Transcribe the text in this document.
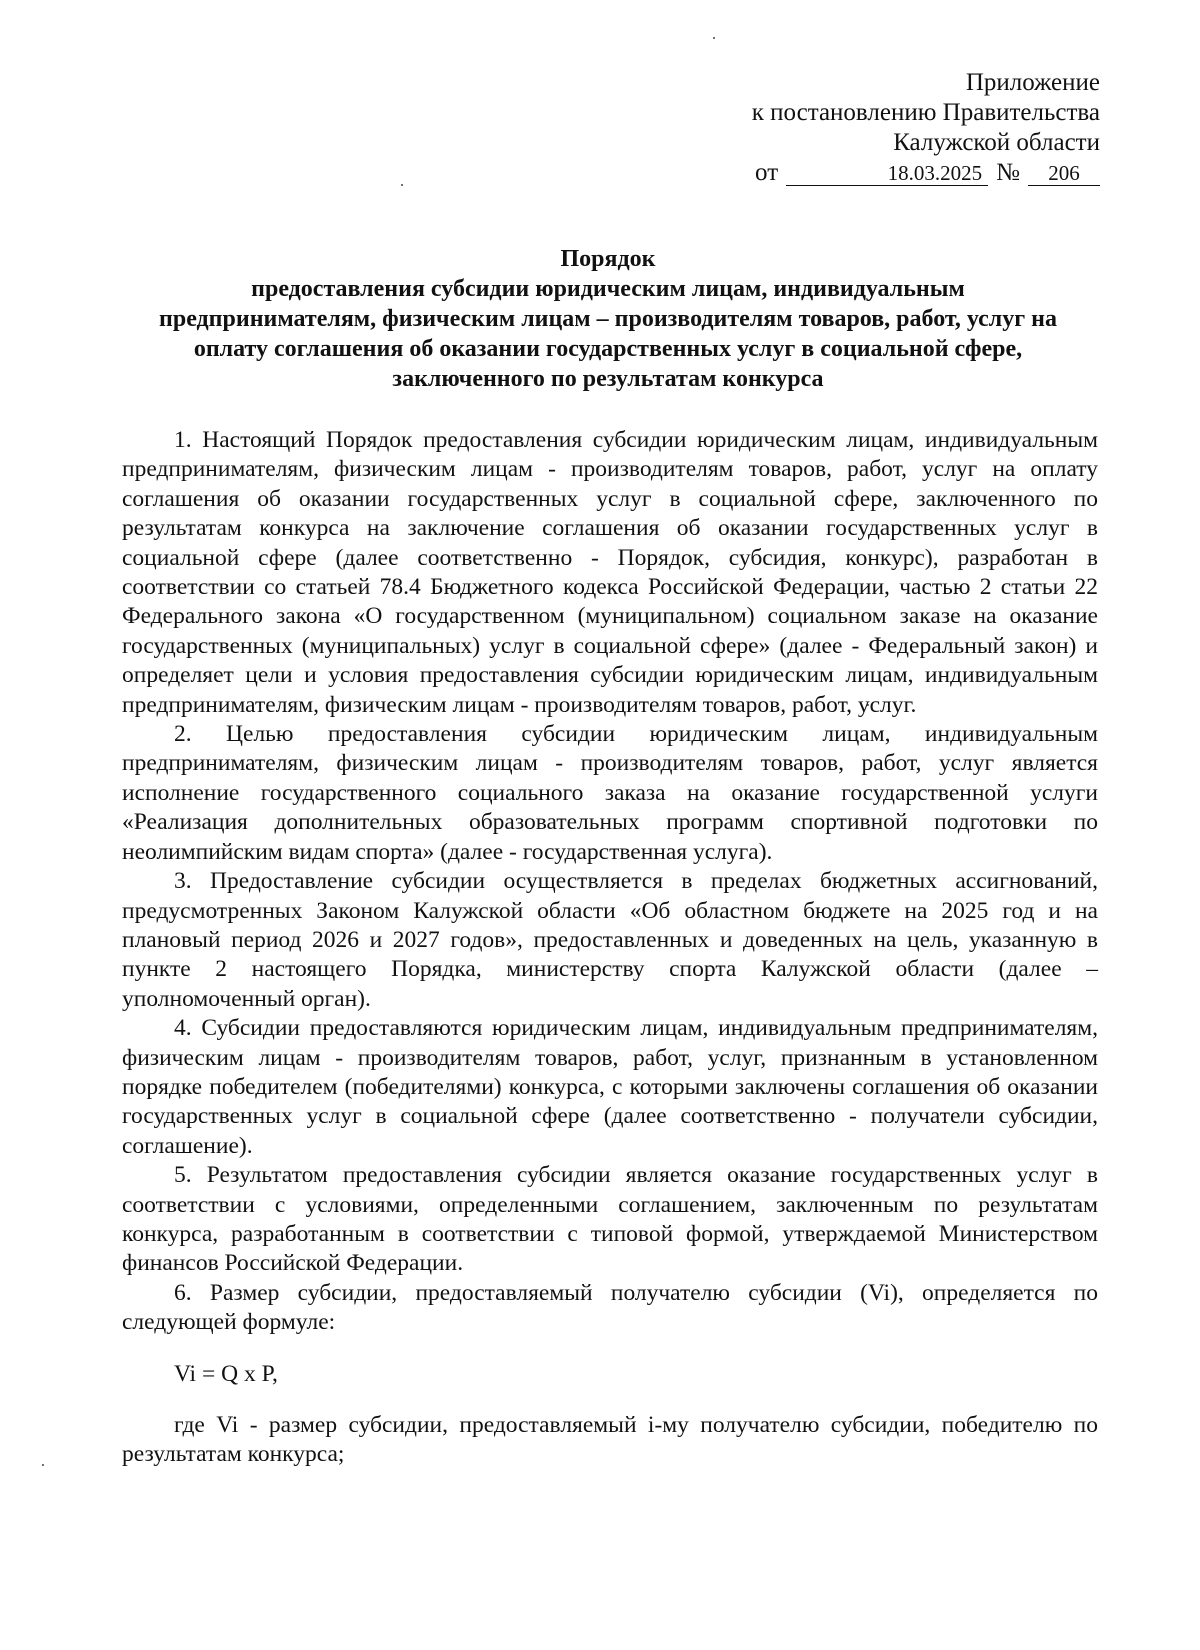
Приложение
к постановлению Правительства
Калужской области
от	18.03.2025 №	206
Порядок
предоставления субсидии юридическим лицам, индивидуальным
предпринимателям, физическим лицам – производителям товаров, работ, услуг на
оплату соглашения об оказании государственных услуг в социальной сфере,
заключенного по результатам конкурса

1. Настоящий Порядок предоставления субсидии юридическим лицам, индивидуальным предпринимателям, физическим лицам - производителям товаров, работ, услуг на оплату соглашения об оказании государственных услуг в социальной сфере, заключенного по результатам конкурса на заключение соглашения об оказании государственных услуг в социальной сфере (далее соответственно - Порядок, субсидия, конкурс), разработан в соответствии со статьей 78.4 Бюджетного кодекса Российской Федерации, частью 2 статьи 22 Федерального закона «О государственном (муниципальном) социальном заказе на оказание государственных (муниципальных) услуг в социальной сфере» (далее - Федеральный закон) и определяет цели и условия предоставления субсидии юридическим лицам, индивидуальным предпринимателям, физическим лицам - производителям товаров, работ, услуг.

2. Целью предоставления субсидии юридическим лицам, индивидуальным предпринимателям, физическим лицам - производителям товаров, работ, услуг является исполнение государственного социального заказа на оказание государственной услуги «Реализация дополнительных образовательных программ спортивной подготовки по неолимпийским видам спорта» (далее - государственная услуга).

3. Предоставление субсидии осуществляется в пределах бюджетных ассигнований, предусмотренных Законом Калужской области «Об областном бюджете на 2025 год и на плановый период 2026 и 2027 годов», предоставленных и доведенных на цель, указанную в пункте 2 настоящего Порядка, министерству спорта Калужской области (далее – уполномоченный орган).

4. Субсидии предоставляются юридическим лицам, индивидуальным предпринимателям, физическим лицам - производителям товаров, работ, услуг, признанным в установленном порядке победителем (победителями) конкурса, с которыми заключены соглашения об оказании государственных услуг в социальной сфере (далее соответственно - получатели субсидии, соглашение).

5. Результатом предоставления субсидии является оказание государственных услуг в соответствии с условиями, определенными соглашением, заключенным по результатам конкурса, разработанным в соответствии с типовой формой, утверждаемой Министерством финансов Российской Федерации.

6. Размер субсидии, предоставляемый получателю субсидии (Vi), определяется по следующей формуле:

Vi = Q x P,

где Vi - размер субсидии, предоставляемый i-му получателю субсидии, победителю по результатам конкурса;
